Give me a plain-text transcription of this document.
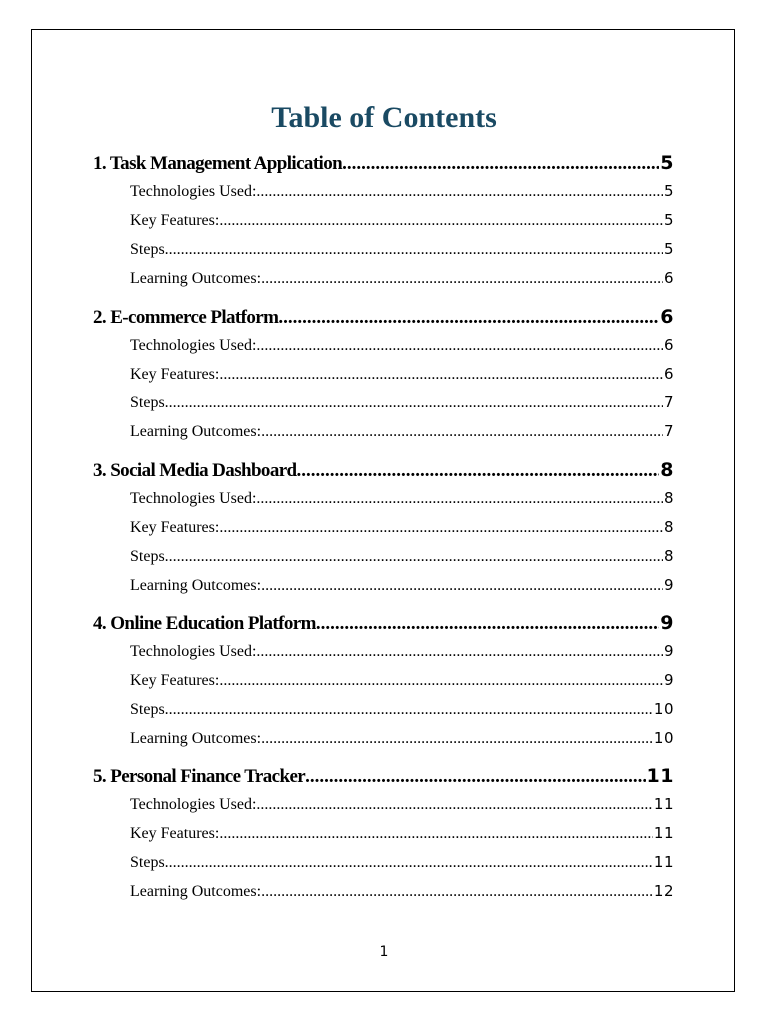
Table of Contents
1. Task Management Application .....	5
Technologies Used: .....	5
Key Features: .....	5
Steps .....	5
Learning Outcomes: .....	6
2. E-commerce Platform .....	6
Technologies Used: .....	6
Key Features: .....	6
Steps .....	7
Learning Outcomes: .....	7
3. Social Media Dashboard .....	8
Technologies Used: .....	8
Key Features: .....	8
Steps .....	8
Learning Outcomes: .....	9
4. Online Education Platform .....	9
Technologies Used: .....	9
Key Features: .....	9
Steps .....	10
Learning Outcomes: .....	10
5. Personal Finance Tracker .....	11
Technologies Used: .....	11
Key Features: .....	11
Steps .....	11
Learning Outcomes: .....	12
1
